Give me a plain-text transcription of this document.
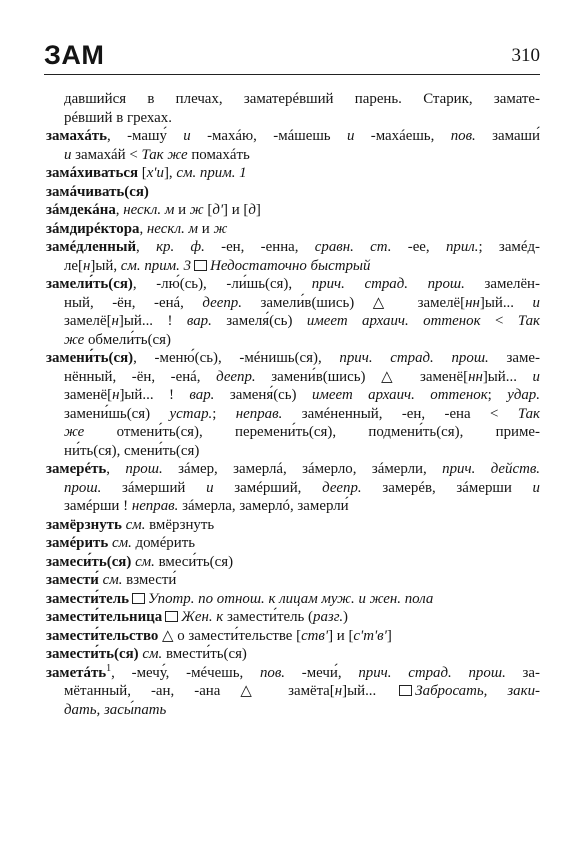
ЗАМ	310
давшийся в плечах, заматерéвший парень. Старик, замате-
рéвший в грехах.
замахáть, -машу́ и -махáю, -мáшешь и -махáешь, пов. замаши́
и замахáй < Так же помахáть
замáхиваться [х'и], см. прим. 1
замáчивать(ся)
зáмдекáна, нескл. м и ж [д'] и [д]
зáмдирéктора, нескл. м и ж
замéдленный, кр. ф. -ен, -енна, сравн. ст. -ее, прил.; замéд-
ле[н]ый, см. прим. 3 Недостаточно быстрый
замели́ть(ся), -лю́(сь), -ли́шь(ся), прич. страд. прош. замелён-
ный, -ён, -енá, деепр. замели́в(шись) △ замелё[нн]ый... и
замелё[н]ый... ! вар. замеля́(сь) имеет архаич. оттенок < Так
же обмели́ть(ся)
замени́ть(ся), -меню́(сь), -мéнишь(ся), прич. страд. прош. заме-
нённый, -ён, -енá, деепр. замени́в(шись) △ заменё[нн]ый... и
заменё[н]ый... ! вар. заменя́(сь) имеет архаич. оттенок; удар.
замени́шь(ся) устар.; неправ. замéненный, -ен, -ена < Так
же отмени́ть(ся), перемени́ть(ся), подмени́ть(ся), приме-
ни́ть(ся), смени́ть(ся)
замерéть, прош. зáмер, замерлá, зáмерло, зáмерли, прич. действ.
прош. зáмерший и замéрший, деепр. замерéв, зáмерши и
замéрши ! неправ. зáмерла, замерлó, замерли́
замёрзнуть см. вмёрзнуть
замéрить см. домéрить
замеси́ть(ся) см. вмеси́ть(ся)
замести́ см. взмести́
замести́тель Употр. по отнош. к лицам муж. и жен. пола
замести́тельница Жен. к замести́тель (разг.)
замести́тельство △ о замести́тельстве [ств'] и [с'т'в']
замести́ть(ся) см. вмести́ть(ся)
заметáть$^1$, -мечу́, -мéчешь, пов. -мечи́, прич. страд. прош. за-
мётанный, -ан, -ана △ замётa[н]ый... Забросать, заки-
дать, засы́пать
